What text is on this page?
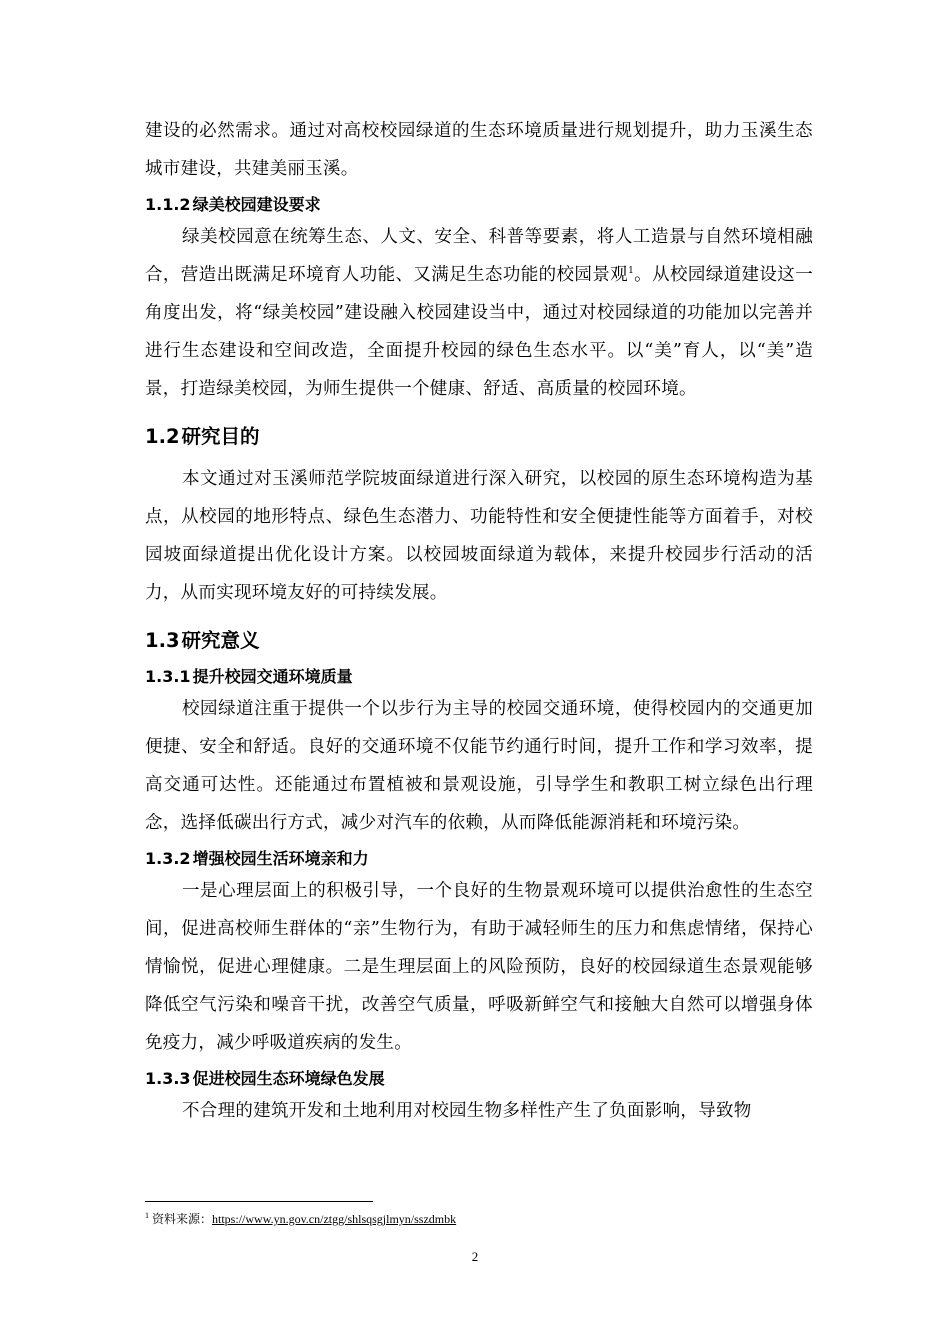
建设的必然需求。通过对高校校园绿道的生态环境质量进行规划提升，助力玉溪生态城市建设，共建美丽玉溪。

1.1.2 绿美校园建设要求

绿美校园意在统筹生态、人文、安全、科普等要素，将人工造景与自然环境相融合，营造出既满足环境育人功能、又满足生态功能的校园景观$^1$。从校园绿道建设这一角度出发，将“绿美校园”建设融入校园建设当中，通过对校园绿道的功能加以完善并进行生态建设和空间改造，全面提升校园的绿色生态水平。以“美”育人，以“美”造景，打造绿美校园，为师生提供一个健康、舒适、高质量的校园环境。

1.2 研究目的

本文通过对玉溪师范学院坡面绿道进行深入研究，以校园的原生态环境构造为基点，从校园的地形特点、绿色生态潜力、功能特性和安全便捷性能等方面着手，对校园坡面绿道提出优化设计方案。以校园坡面绿道为载体，来提升校园步行活动的活力，从而实现环境友好的可持续发展。

1.3 研究意义
1.3.1 提升校园交通环境质量

校园绿道注重于提供一个以步行为主导的校园交通环境，使得校园内的交通更加便捷、安全和舒适。良好的交通环境不仅能节约通行时间，提升工作和学习效率，提高交通可达性。还能通过布置植被和景观设施，引导学生和教职工树立绿色出行理念，选择低碳出行方式，减少对汽车的依赖，从而降低能源消耗和环境污染。

1.3.2 增强校园生活环境亲和力

一是心理层面上的积极引导，一个良好的生物景观环境可以提供治愈性的生态空间，促进高校师生群体的“亲”生物行为，有助于减轻师生的压力和焦虑情绪，保持心情愉悦，促进心理健康。二是生理层面上的风险预防，良好的校园绿道生态景观能够降低空气污染和噪音干扰，改善空气质量，呼吸新鲜空气和接触大自然可以增强身体免疫力，减少呼吸道疾病的发生。

1.3.3 促进校园生态环境绿色发展

不合理的建筑开发和土地利用对校园生物多样性产生了负面影响，导致物

$^1$ 资料来源：https://www.yn.gov.cn/ztgg/shlsqsgjlmyn/sszdmbk
2
